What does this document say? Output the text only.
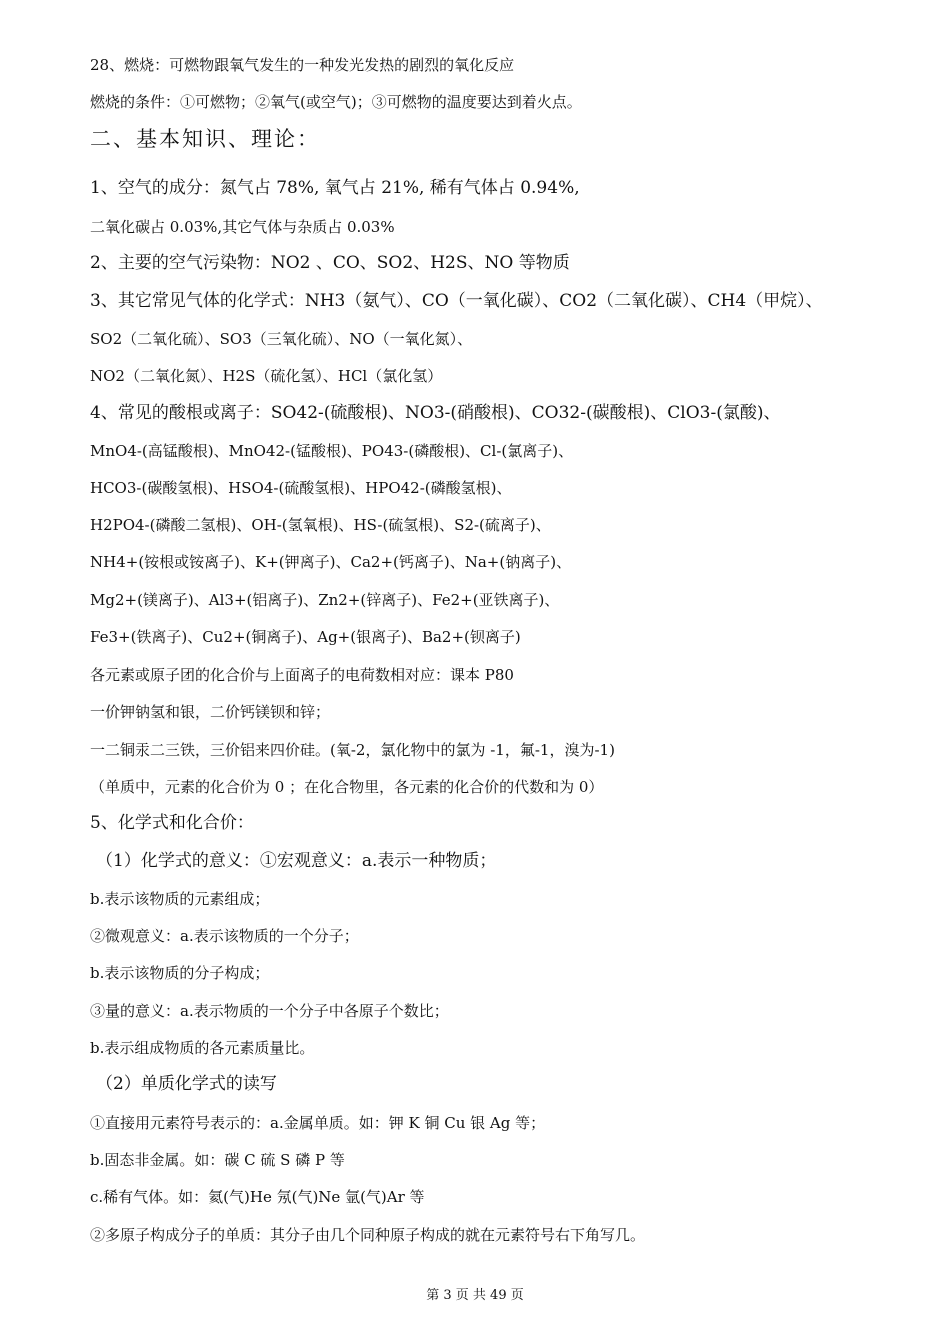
28、燃烧：可燃物跟氧气发生的一种发光发热的剧烈的氧化反应
燃烧的条件：①可燃物；②氧气(或空气)；③可燃物的温度要达到着火点。
二、基本知识、理论：
1、空气的成分：氮气占 78%, 氧气占 21%, 稀有气体占 0.94%,
二氧化碳占 0.03%,其它气体与杂质占 0.03%
2、主要的空气污染物：NO2 、CO、SO2、H2S、NO 等物质
3、其它常见气体的化学式：NH3（氨气）、CO（一氧化碳）、CO2（二氧化碳）、CH4（甲烷）、
SO2（二氧化硫）、SO3（三氧化硫）、NO（一氧化氮）、
NO2（二氧化氮）、H2S（硫化氢）、HCl（氯化氢）
4、常见的酸根或离子：SO42-(硫酸根)、NO3-(硝酸根)、CO32-(碳酸根)、ClO3-(氯酸)、
MnO4-(高锰酸根)、MnO42-(锰酸根)、PO43-(磷酸根)、Cl-(氯离子)、
HCO3-(碳酸氢根)、HSO4-(硫酸氢根)、HPO42-(磷酸氢根)、
H2PO4-(磷酸二氢根)、OH-(氢氧根)、HS-(硫氢根)、S2-(硫离子)、
NH4+(铵根或铵离子)、K+(钾离子)、Ca2+(钙离子)、Na+(钠离子)、
Mg2+(镁离子)、Al3+(铝离子)、Zn2+(锌离子)、Fe2+(亚铁离子)、
Fe3+(铁离子)、Cu2+(铜离子)、Ag+(银离子)、Ba2+(钡离子)
各元素或原子团的化合价与上面离子的电荷数相对应：课本 P80
一价钾钠氢和银，二价钙镁钡和锌；
一二铜汞二三铁，三价铝来四价硅。(氧-2，氯化物中的氯为 -1，氟-1，溴为-1)
（单质中，元素的化合价为 0 ；在化合物里，各元素的化合价的代数和为 0）
5、化学式和化合价：
（1）化学式的意义：①宏观意义：a.表示一种物质；
b.表示该物质的元素组成；
②微观意义：a.表示该物质的一个分子；
b.表示该物质的分子构成；
③量的意义：a.表示物质的一个分子中各原子个数比；
b.表示组成物质的各元素质量比。
（2）单质化学式的读写
①直接用元素符号表示的：a.金属单质。如：钾 K 铜 Cu 银 Ag 等；
b.固态非金属。如：碳 C 硫 S 磷 P 等
c.稀有气体。如：氦(气)He 氖(气)Ne 氩(气)Ar 等
②多原子构成分子的单质：其分子由几个同种原子构成的就在元素符号右下角写几。
第 3 页 共 49 页
